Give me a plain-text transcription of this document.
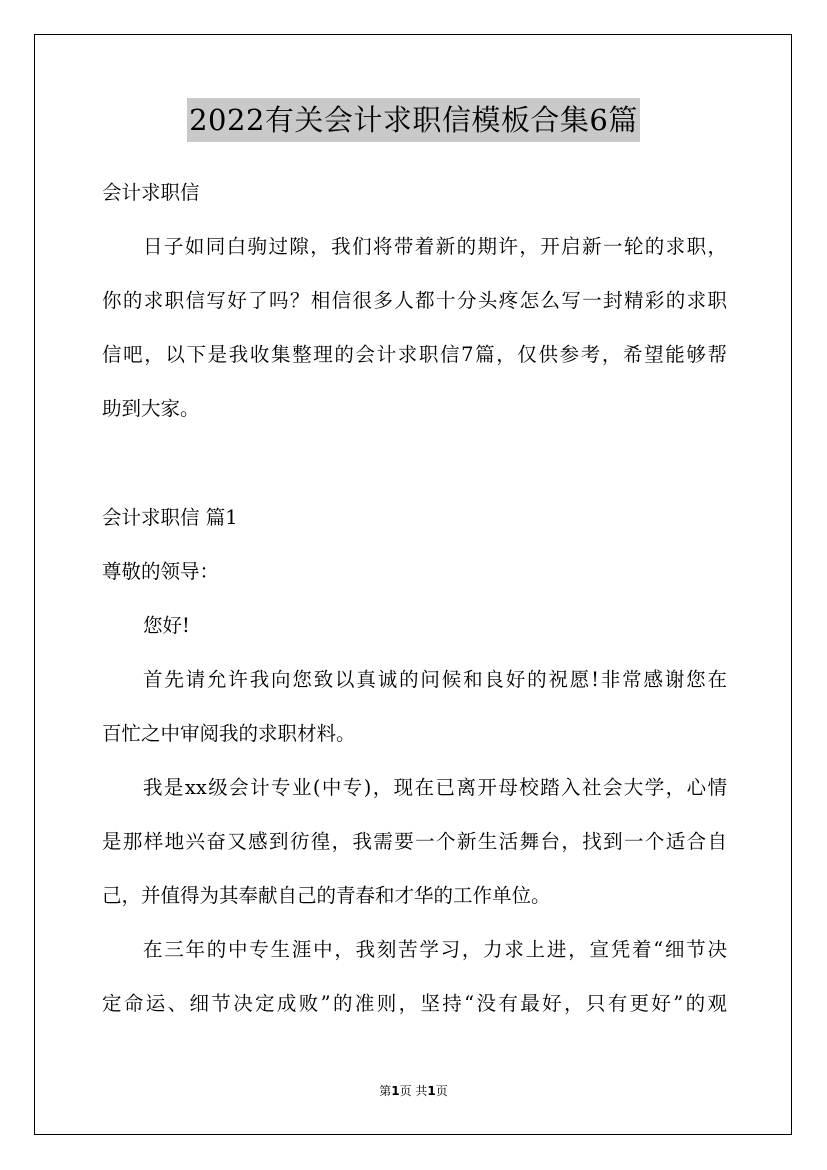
2022有关会计求职信模板合集6篇
会计求职信
日子如同白驹过隙，我们将带着新的期许，开启新一轮的求职，
你的求职信写好了吗？相信很多人都十分头疼怎么写一封精彩的求职
信吧，以下是我收集整理的会计求职信7篇，仅供参考，希望能够帮
助到大家。
会计求职信 篇1
尊敬的领导：
您好!
首先请允许我向您致以真诚的问候和良好的祝愿!非常感谢您在
百忙之中审阅我的求职材料。
我是xx级会计专业(中专)，现在已离开母校踏入社会大学，心情
是那样地兴奋又感到彷徨，我需要一个新生活舞台，找到一个适合自
己，并值得为其奉献自己的青春和才华的工作单位。
在三年的中专生涯中，我刻苦学习，力求上进，宣凭着“细节决
定命运、细节决定成败”的准则，坚持“没有最好，只有更好”的观
第1页 共1页
